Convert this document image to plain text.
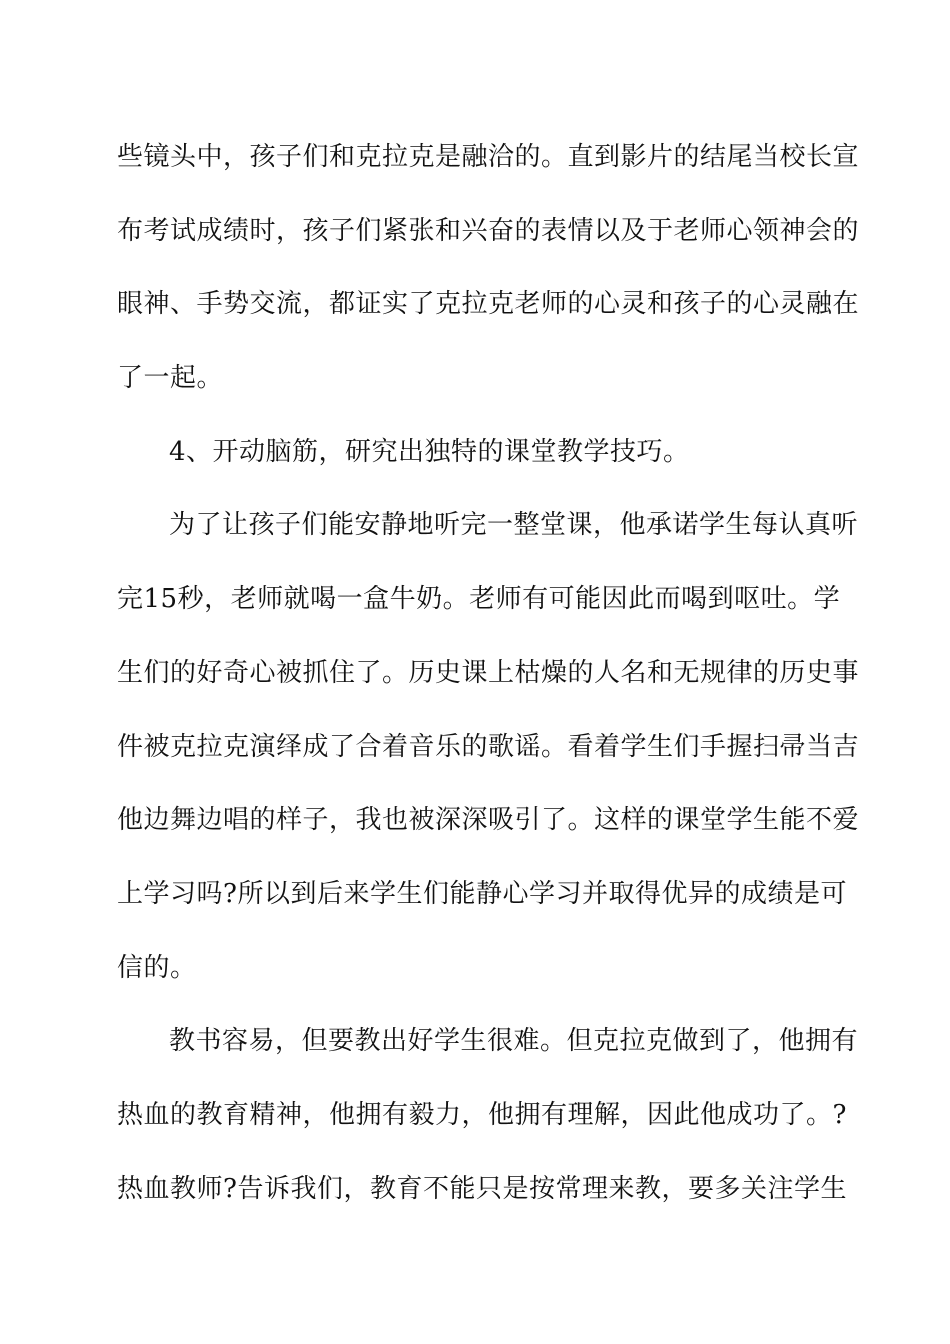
些镜头中，孩子们和克拉克是融洽的。直到影片的结尾当校长宣
布考试成绩时，孩子们紧张和兴奋的表情以及于老师心领神会的
眼神、手势交流，都证实了克拉克老师的心灵和孩子的心灵融在
了一起。
4、开动脑筋，研究出独特的课堂教学技巧。
为了让孩子们能安静地听完一整堂课，他承诺学生每认真听
完15秒，老师就喝一盒牛奶。老师有可能因此而喝到呕吐。学
生们的好奇心被抓住了。历史课上枯燥的人名和无规律的历史事
件被克拉克演绎成了合着音乐的歌谣。看着学生们手握扫帚当吉
他边舞边唱的样子，我也被深深吸引了。这样的课堂学生能不爱
上学习吗?所以到后来学生们能静心学习并取得优异的成绩是可
信的。
教书容易，但要教出好学生很难。但克拉克做到了，他拥有
热血的教育精神，他拥有毅力，他拥有理解，因此他成功了。?
热血教师?告诉我们，教育不能只是按常理来教，要多关注学生
